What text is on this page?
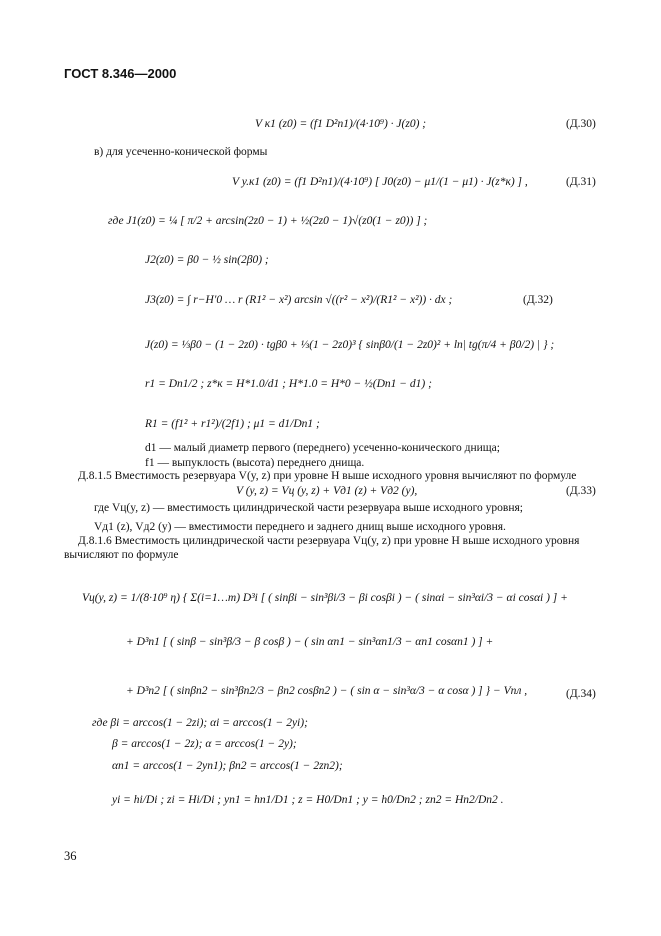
ГОСТ 8.346—2000
V к1 (z0) = (f1 D²п1)/(4·10⁹) · J(z0) ;	(Д.30)
в) для усеченно-конической формы
V у.к1 (z0) = (f1 D²п1)/(4·10⁹) [ J0(z0) − μ1/(1 − μ1) · J(z*к) ] ,	(Д.31)
где J1(z0) = ¼ [ π/2 + arcsin(2z0 − 1) + ½(2z0 − 1)√(z0(1 − z0)) ] ;
J2(z0) = β0 − ½ sin(2β0) ;
J3(z0) = ∫ r−H′0 … r (R1² − x²) arcsin √((r² − x²)/(R1² − x²)) · dx ;	(Д.32)
J(z0) = ⅓β0 − (1 − 2z0) · tgβ0 + ⅓(1 − 2z0)³ { sinβ0/(1 − 2z0)² + ln| tg(π/4 + β0/2) | } ;
r1 = Dп1/2 ; z*к = H*1.0/d1 ; H*1.0 = H*0 − ½(Dп1 − d1) ;
R1 = (f1² + r1²)/(2f1) ; μ1 = d1/Dп1 ;
d1 — малый диаметр первого (переднего) усеченно-конического днища;
f1 — выпуклость (высота) переднего днища.
Д.8.1.5 Вместимость резервуара V(y, z) при уровне H выше исходного уровня вычисляют по формуле
V (y, z) = Vц (y, z) + Vд1 (z) + Vд2 (y),	(Д.33)
где Vц(y, z) — вместимость цилиндрической части резервуара выше исходного уровня;
Vд1 (z), Vд2 (y) — вместимости переднего и заднего днищ выше исходного уровня.
Д.8.1.6 Вместимость цилиндрической части резервуара Vц(y, z) при уровне H выше исходного уровня
вычисляют по формуле
Vц(y, z) = 1/(8·10⁹ η) { Σ(i=1…m) D³i [ ( sinβi − sin³βi/3 − βi cosβi ) − ( sinαi − sin³αi/3 − αi cosαi ) ] +
+ D³п1 [ ( sinβ − sin³β/3 − β cosβ ) − ( sin αп1 − sin³αп1/3 − αп1 cosαп1 ) ] +
+ D³п2 [ ( sinβп2 − sin³βп2/3 − βп2 cosβп2 ) − ( sin α − sin³α/3 − α cosα ) ] } − Vпл ,	(Д.34)
где βi = arccos(1 − 2zi); αi = arccos(1 − 2yi);
β = arccos(1 − 2z); α = arccos(1 − 2y);
αп1 = arccos(1 − 2yп1); βп2 = arccos(1 − 2zп2);
yi = hi/Di ; zi = Hi/Di ; yп1 = hп1/D1 ; z = H0/Dп1 ; y = h0/Dп2 ; zп2 = Hп2/Dп2 .
36
